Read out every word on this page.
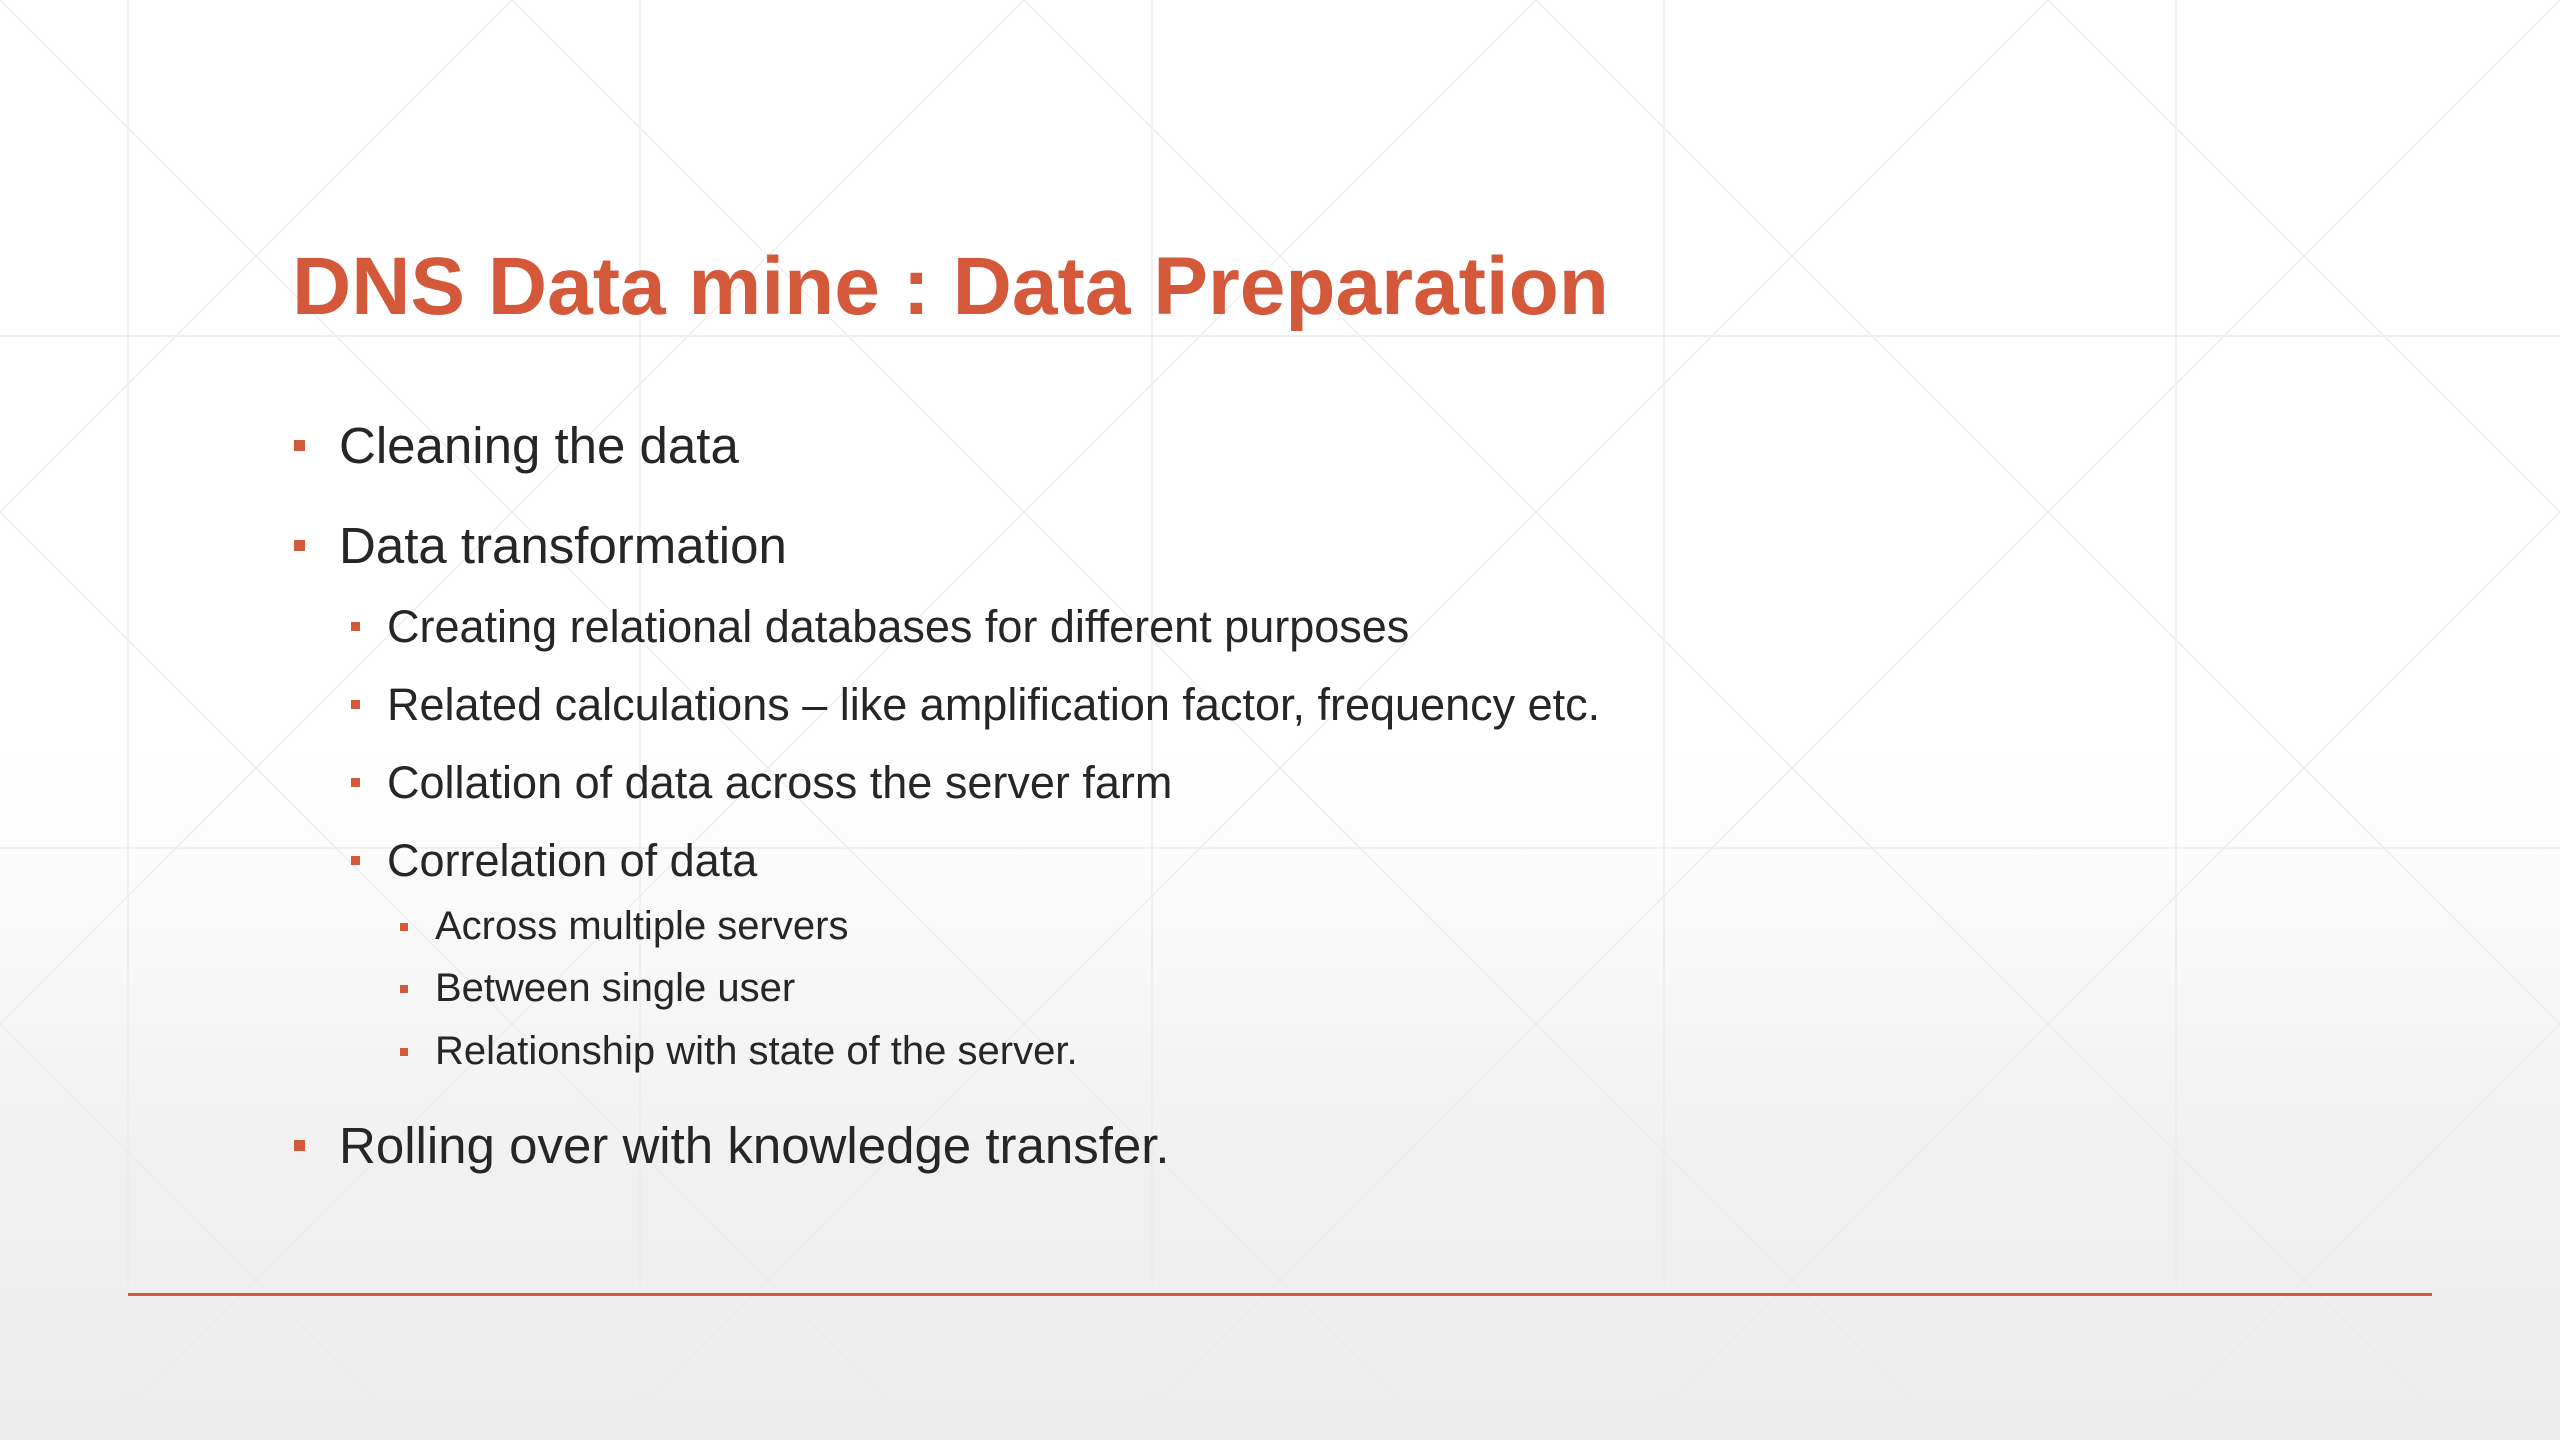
DNS Data mine : Data Preparation
Cleaning the data
Data transformation
Creating relational databases for different purposes
Related calculations – like amplification factor, frequency etc.
Collation of data across the server farm
Correlation of data
Across multiple servers
Between single user
Relationship with state of the server.
Rolling over with knowledge transfer.
